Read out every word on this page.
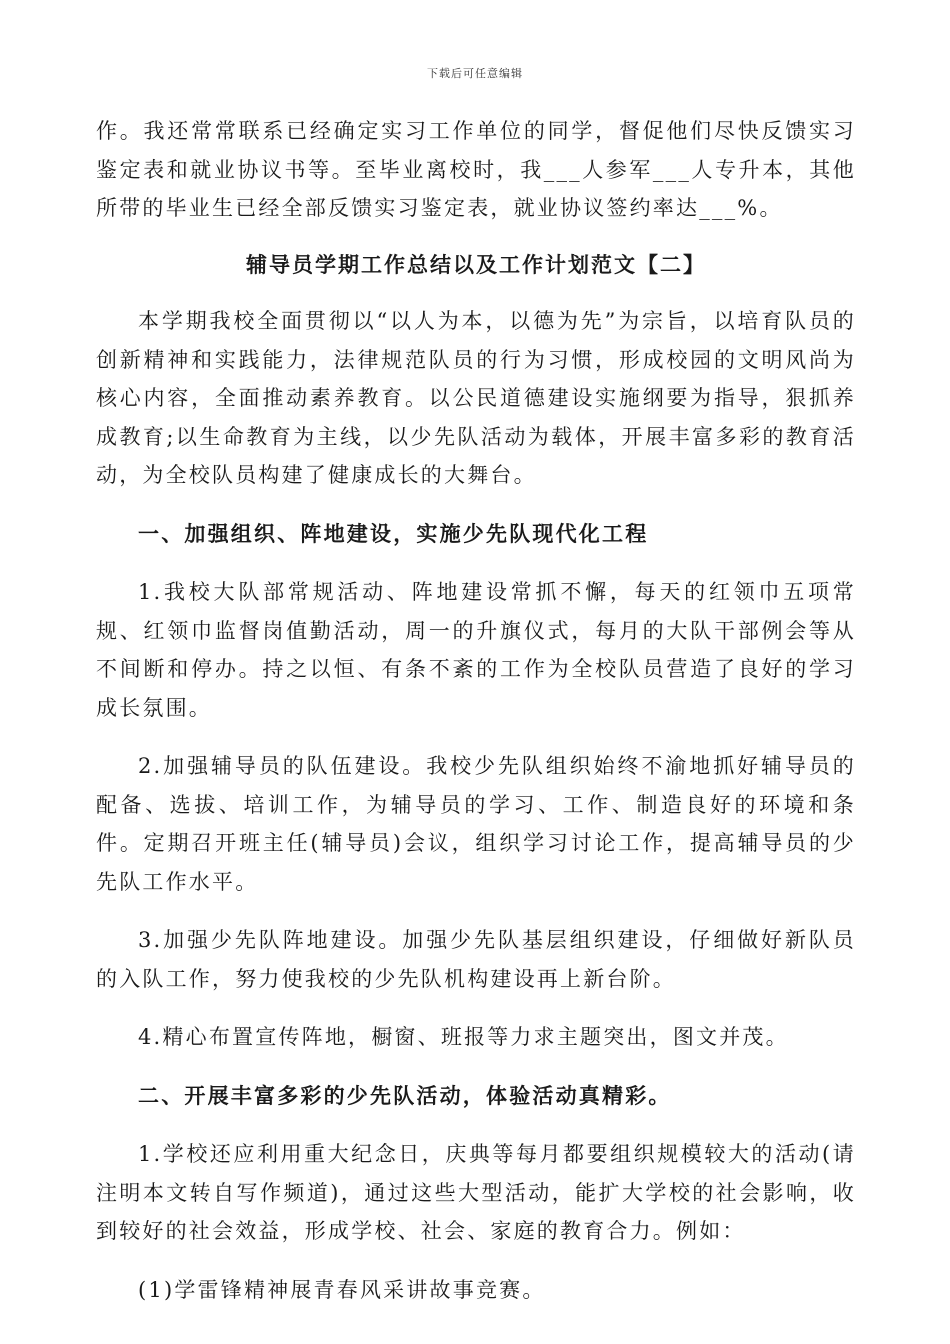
下载后可任意编辑

作。我还常常联系已经确定实习工作单位的同学，督促他们尽快反馈实习鉴定表和就业协议书等。至毕业离校时，我___人参军___人专升本，其他所带的毕业生已经全部反馈实习鉴定表，就业协议签约率达___%。

辅导员学期工作总结以及工作计划范文【二】

本学期我校全面贯彻以“以人为本，以德为先”为宗旨，以培育队员的创新精神和实践能力，法律规范队员的行为习惯，形成校园的文明风尚为核心内容，全面推动素养教育。以公民道德建设实施纲要为指导，狠抓养成教育;以生命教育为主线，以少先队活动为载体，开展丰富多彩的教育活动，为全校队员构建了健康成长的大舞台。

一、加强组织、阵地建设，实施少先队现代化工程

1.我校大队部常规活动、阵地建设常抓不懈，每天的红领巾五项常规、红领巾监督岗值勤活动，周一的升旗仪式，每月的大队干部例会等从不间断和停办。持之以恒、有条不紊的工作为全校队员营造了良好的学习成长氛围。

2.加强辅导员的队伍建设。我校少先队组织始终不渝地抓好辅导员的配备、选拔、培训工作，为辅导员的学习、工作、制造良好的环境和条件。定期召开班主任(辅导员)会议，组织学习讨论工作，提高辅导员的少先队工作水平。

3.加强少先队阵地建设。加强少先队基层组织建设，仔细做好新队员的入队工作，努力使我校的少先队机构建设再上新台阶。

4.精心布置宣传阵地，橱窗、班报等力求主题突出，图文并茂。

二、开展丰富多彩的少先队活动，体验活动真精彩。

1.学校还应利用重大纪念日，庆典等每月都要组织规模较大的活动(请注明本文转自写作频道)，通过这些大型活动，能扩大学校的社会影响，收到较好的社会效益，形成学校、社会、家庭的教育合力。例如：

(1)学雷锋精神展青春风采讲故事竞赛。
